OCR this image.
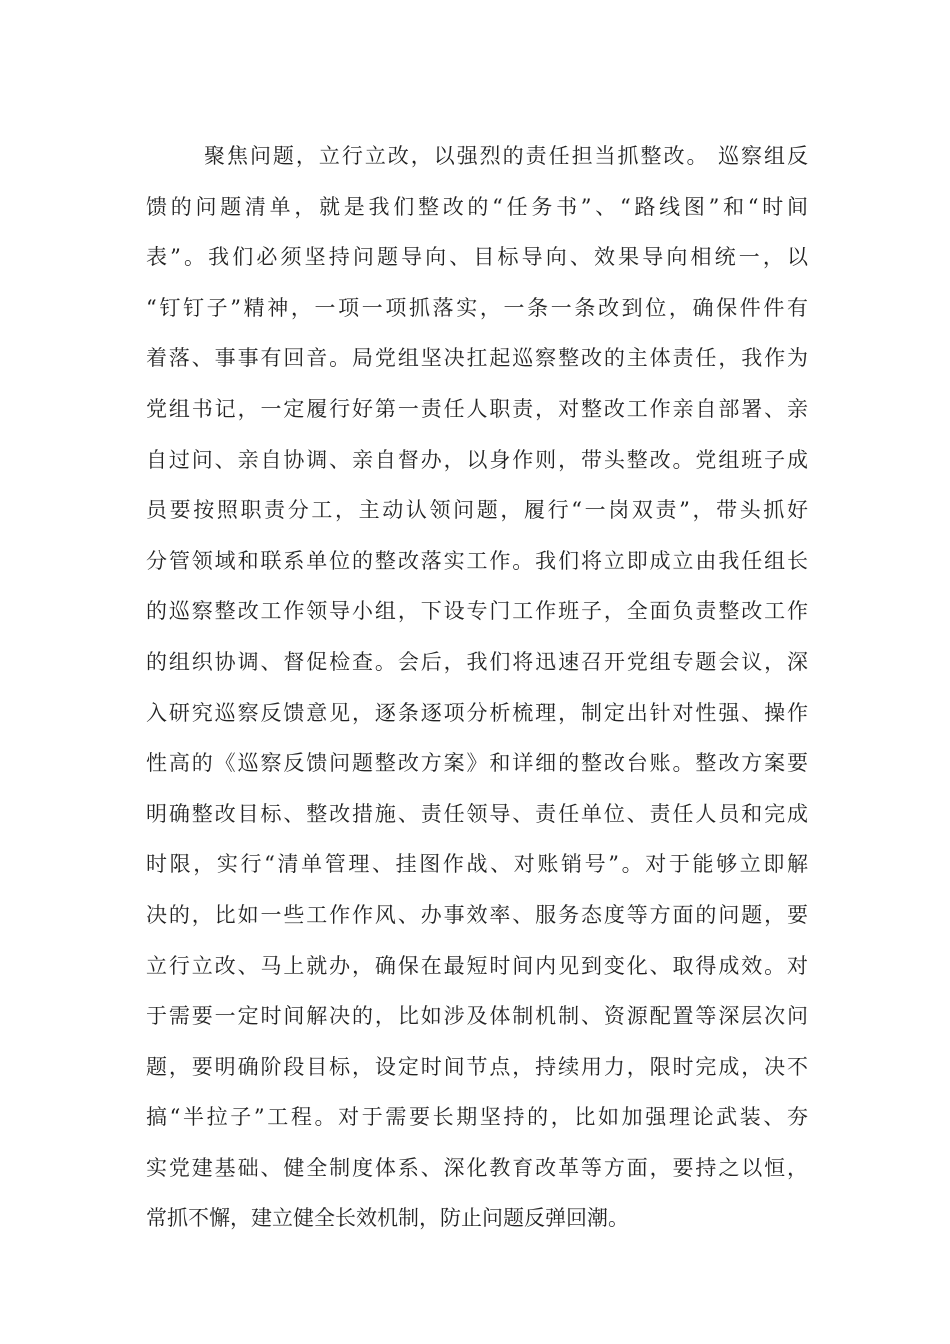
聚焦问题，立行立改，以强烈的责任担当抓整改。 巡察组反
馈的问题清单，就是我们整改的“任务书”、“路线图”和“时间
表”。我们必须坚持问题导向、目标导向、效果导向相统一，以
“钉钉子”精神，一项一项抓落实，一条一条改到位，确保件件有
着落、事事有回音。局党组坚决扛起巡察整改的主体责任，我作为
党组书记，一定履行好第一责任人职责，对整改工作亲自部署、亲
自过问、亲自协调、亲自督办，以身作则，带头整改。党组班子成
员要按照职责分工，主动认领问题，履行“一岗双责”，带头抓好
分管领域和联系单位的整改落实工作。我们将立即成立由我任组长
的巡察整改工作领导小组，下设专门工作班子，全面负责整改工作
的组织协调、督促检查。会后，我们将迅速召开党组专题会议，深
入研究巡察反馈意见，逐条逐项分析梳理，制定出针对性强、操作
性高的《巡察反馈问题整改方案》和详细的整改台账。整改方案要
明确整改目标、整改措施、责任领导、责任单位、责任人员和完成
时限，实行“清单管理、挂图作战、对账销号”。对于能够立即解
决的，比如一些工作作风、办事效率、服务态度等方面的问题，要
立行立改、马上就办，确保在最短时间内见到变化、取得成效。对
于需要一定时间解决的，比如涉及体制机制、资源配置等深层次问
题，要明确阶段目标，设定时间节点，持续用力，限时完成，决不
搞“半拉子”工程。对于需要长期坚持的，比如加强理论武装、夯
实党建基础、健全制度体系、深化教育改革等方面，要持之以恒，
常抓不懈，建立健全长效机制，防止问题反弹回潮。
